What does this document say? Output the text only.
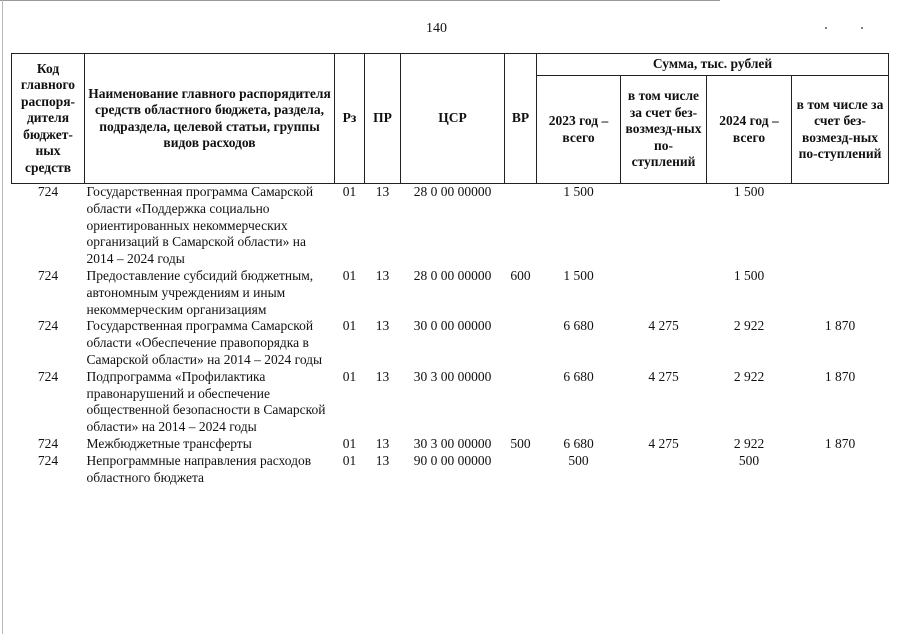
140
Код главного распоря-дителя бюджет-ных средств	Наименование главного распорядителя средств областного бюджета, раздела, подраздела, целевой статьи, группы видов расходов	Рз	ПР	ЦСР	ВР	Сумма, тыс. рублей			
						2023 год – всего	в том числе за счет без-возмезд-ных по-ступлений	2024 год – всего	в том числе за счет без-возмезд-ных по-ступлений
724	Государственная программа Самарской области «Поддержка социально ориентированных некоммерческих организаций в Самарской области» на 2014 – 2024 годы	01	13	28 0 00 00000		1 500		1 500	
724	Предоставление субсидий бюджетным, автономным учреждениям и иным некоммерческим организациям	01	13	28 0 00 00000	600	1 500		1 500	
724	Государственная программа Самарской области «Обеспечение правопорядка в Самарской области» на 2014 – 2024 годы	01	13	30 0 00 00000		6 680	4 275	2 922	1 870
724	Подпрограмма «Профилактика правонарушений и обеспечение общественной безопасности в Самарской области» на 2014 – 2024 годы	01	13	30 3 00 00000		6 680	4 275	2 922	1 870
724	Межбюджетные трансферты	01	13	30 3 00 00000	500	6 680	4 275	2 922	1 870
724	Непрограммные направления расходов областного бюджета	01	13	90 0 00 00000		500		500	
